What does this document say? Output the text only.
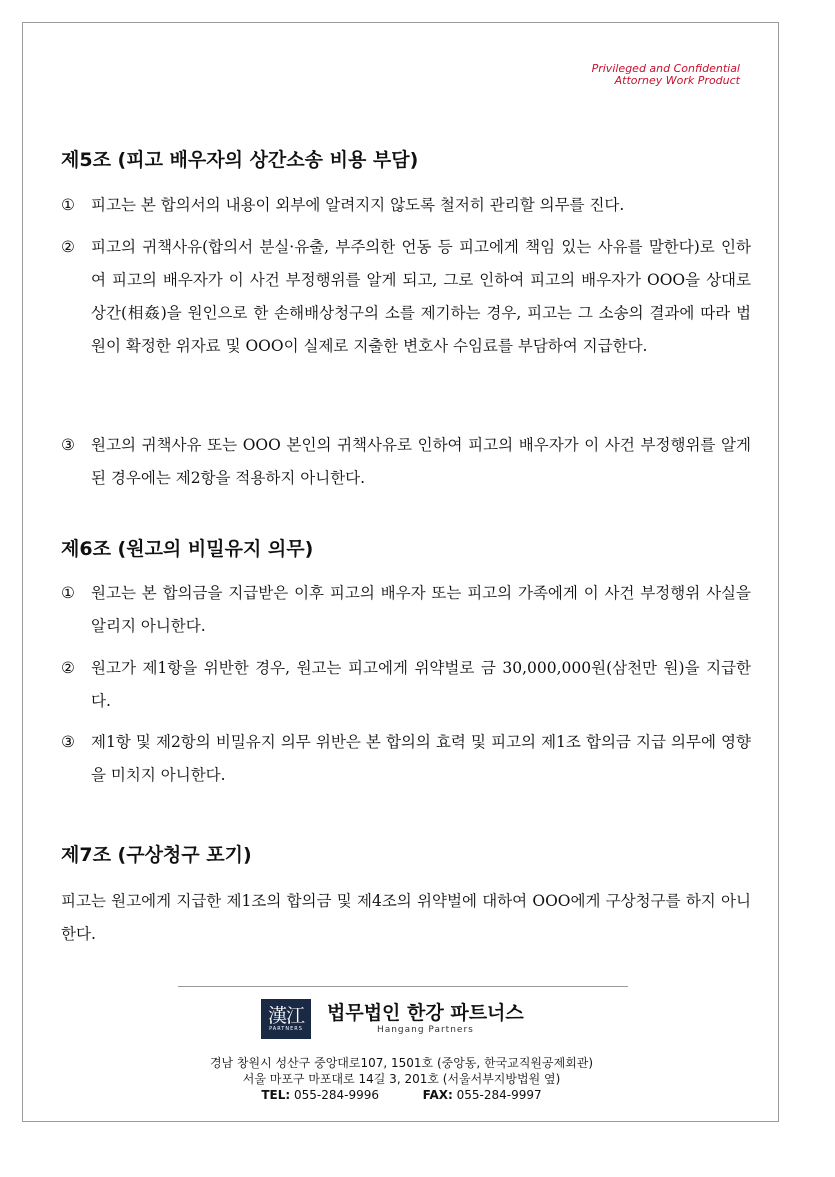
Privileged and Confidential
Attorney Work Product
제5조 (피고 배우자의 상간소송 비용 부담)
①	피고는 본 합의서의 내용이 외부에 알려지지 않도록 철저히 관리할 의무를 진다.
②	피고의 귀책사유(합의서 분실·유출, 부주의한 언동 등 피고에게 책임 있는 사유를 말한다)로 인하여 피고의 배우자가 이 사건 부정행위를 알게 되고, 그로 인하여 피고의 배우자가 OOO을 상대로 상간(相姦)을 원인으로 한 손해배상청구의 소를 제기하는 경우, 피고는 그 소송의 결과에 따라 법원이 확정한 위자료 및 OOO이 실제로 지출한 변호사 수임료를 부담하여 지급한다.
③	원고의 귀책사유 또는 OOO 본인의 귀책사유로 인하여 피고의 배우자가 이 사건 부정행위를 알게 된 경우에는 제2항을 적용하지 아니한다.
제6조 (원고의 비밀유지 의무)
①	원고는 본 합의금을 지급받은 이후 피고의 배우자 또는 피고의 가족에게 이 사건 부정행위 사실을 알리지 아니한다.
②	원고가 제1항을 위반한 경우, 원고는 피고에게 위약벌로 금 30,000,000원(삼천만 원)을 지급한다.
③	제1항 및 제2항의 비밀유지 의무 위반은 본 합의의 효력 및 피고의 제1조 합의금 지급 의무에 영향을 미치지 아니한다.
제7조 (구상청구 포기)
피고는 원고에게 지급한 제1조의 합의금 및 제4조의 위약벌에 대하여 OOO에게 구상청구를 하지 아니한다.
漢江
PARTNERS
법무법인 한강 파트너스
Hangang Partners
경남 창원시 성산구 중앙대로107, 1501호 (중앙동, 한국교직원공제회관)
서울 마포구 마포대로 14길 3, 201호 (서울서부지방법원 옆)
TEL: 055-284-9996	FAX: 055-284-9997
